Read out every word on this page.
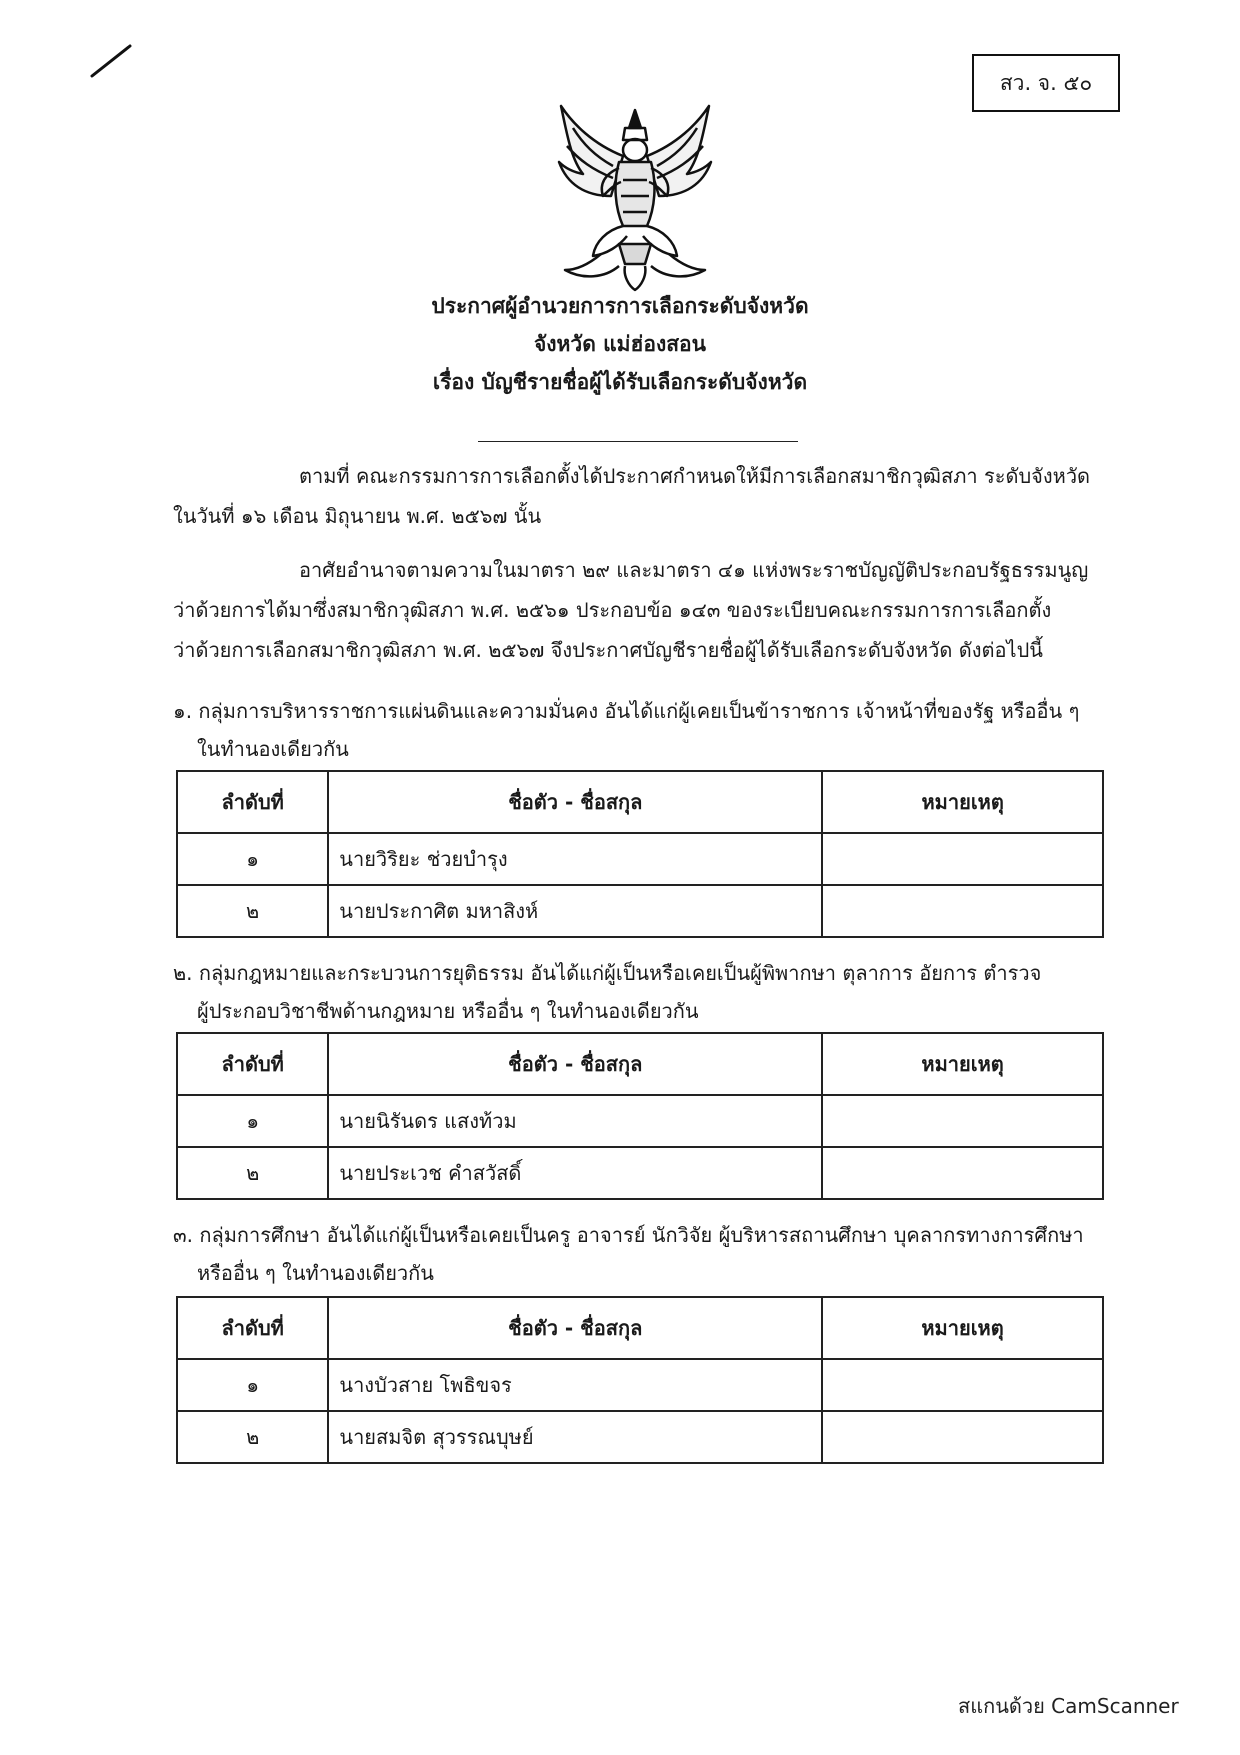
สว. จ. ๕๐
ประกาศผู้อำนวยการการเลือกระดับจังหวัด
จังหวัด แม่ฮ่องสอน
เรื่อง บัญชีรายชื่อผู้ได้รับเลือกระดับจังหวัด
ตามที่ คณะกรรมการการเลือกตั้งได้ประกาศกำหนดให้มีการเลือกสมาชิกวุฒิสภา ระดับจังหวัด
ในวันที่ ๑๖ เดือน มิถุนายน พ.ศ. ๒๕๖๗ นั้น
อาศัยอำนาจตามความในมาตรา ๒๙ และมาตรา ๔๑ แห่งพระราชบัญญัติประกอบรัฐธรรมนูญ
ว่าด้วยการได้มาซึ่งสมาชิกวุฒิสภา พ.ศ. ๒๕๖๑ ประกอบข้อ ๑๔๓ ของระเบียบคณะกรรมการการเลือกตั้ง
ว่าด้วยการเลือกสมาชิกวุฒิสภา พ.ศ. ๒๕๖๗ จึงประกาศบัญชีรายชื่อผู้ได้รับเลือกระดับจังหวัด ดังต่อไปนี้
๑. กลุ่มการบริหารราชการแผ่นดินและความมั่นคง อันได้แก่ผู้เคยเป็นข้าราชการ เจ้าหน้าที่ของรัฐ หรืออื่น ๆ
ในทำนองเดียวกัน
ลำดับที่	ชื่อตัว - ชื่อสกุล	หมายเหตุ
๑	นายวิริยะ ช่วยบำรุง	
๒	นายประกาศิต มหาสิงห์	
๒. กลุ่มกฎหมายและกระบวนการยุติธรรม อันได้แก่ผู้เป็นหรือเคยเป็นผู้พิพากษา ตุลาการ อัยการ ตำรวจ
ผู้ประกอบวิชาชีพด้านกฎหมาย หรืออื่น ๆ ในทำนองเดียวกัน
ลำดับที่	ชื่อตัว - ชื่อสกุล	หมายเหตุ
๑	นายนิรันดร แสงท้วม	
๒	นายประเวช คำสวัสดิ์	
๓. กลุ่มการศึกษา อันได้แก่ผู้เป็นหรือเคยเป็นครู อาจารย์ นักวิจัย ผู้บริหารสถานศึกษา บุคลากรทางการศึกษา
หรืออื่น ๆ ในทำนองเดียวกัน
ลำดับที่	ชื่อตัว - ชื่อสกุล	หมายเหตุ
๑	นางบัวสาย โพธิขจร	
๒	นายสมจิต สุวรรณบุษย์	
สแกนด้วย CamScanner
